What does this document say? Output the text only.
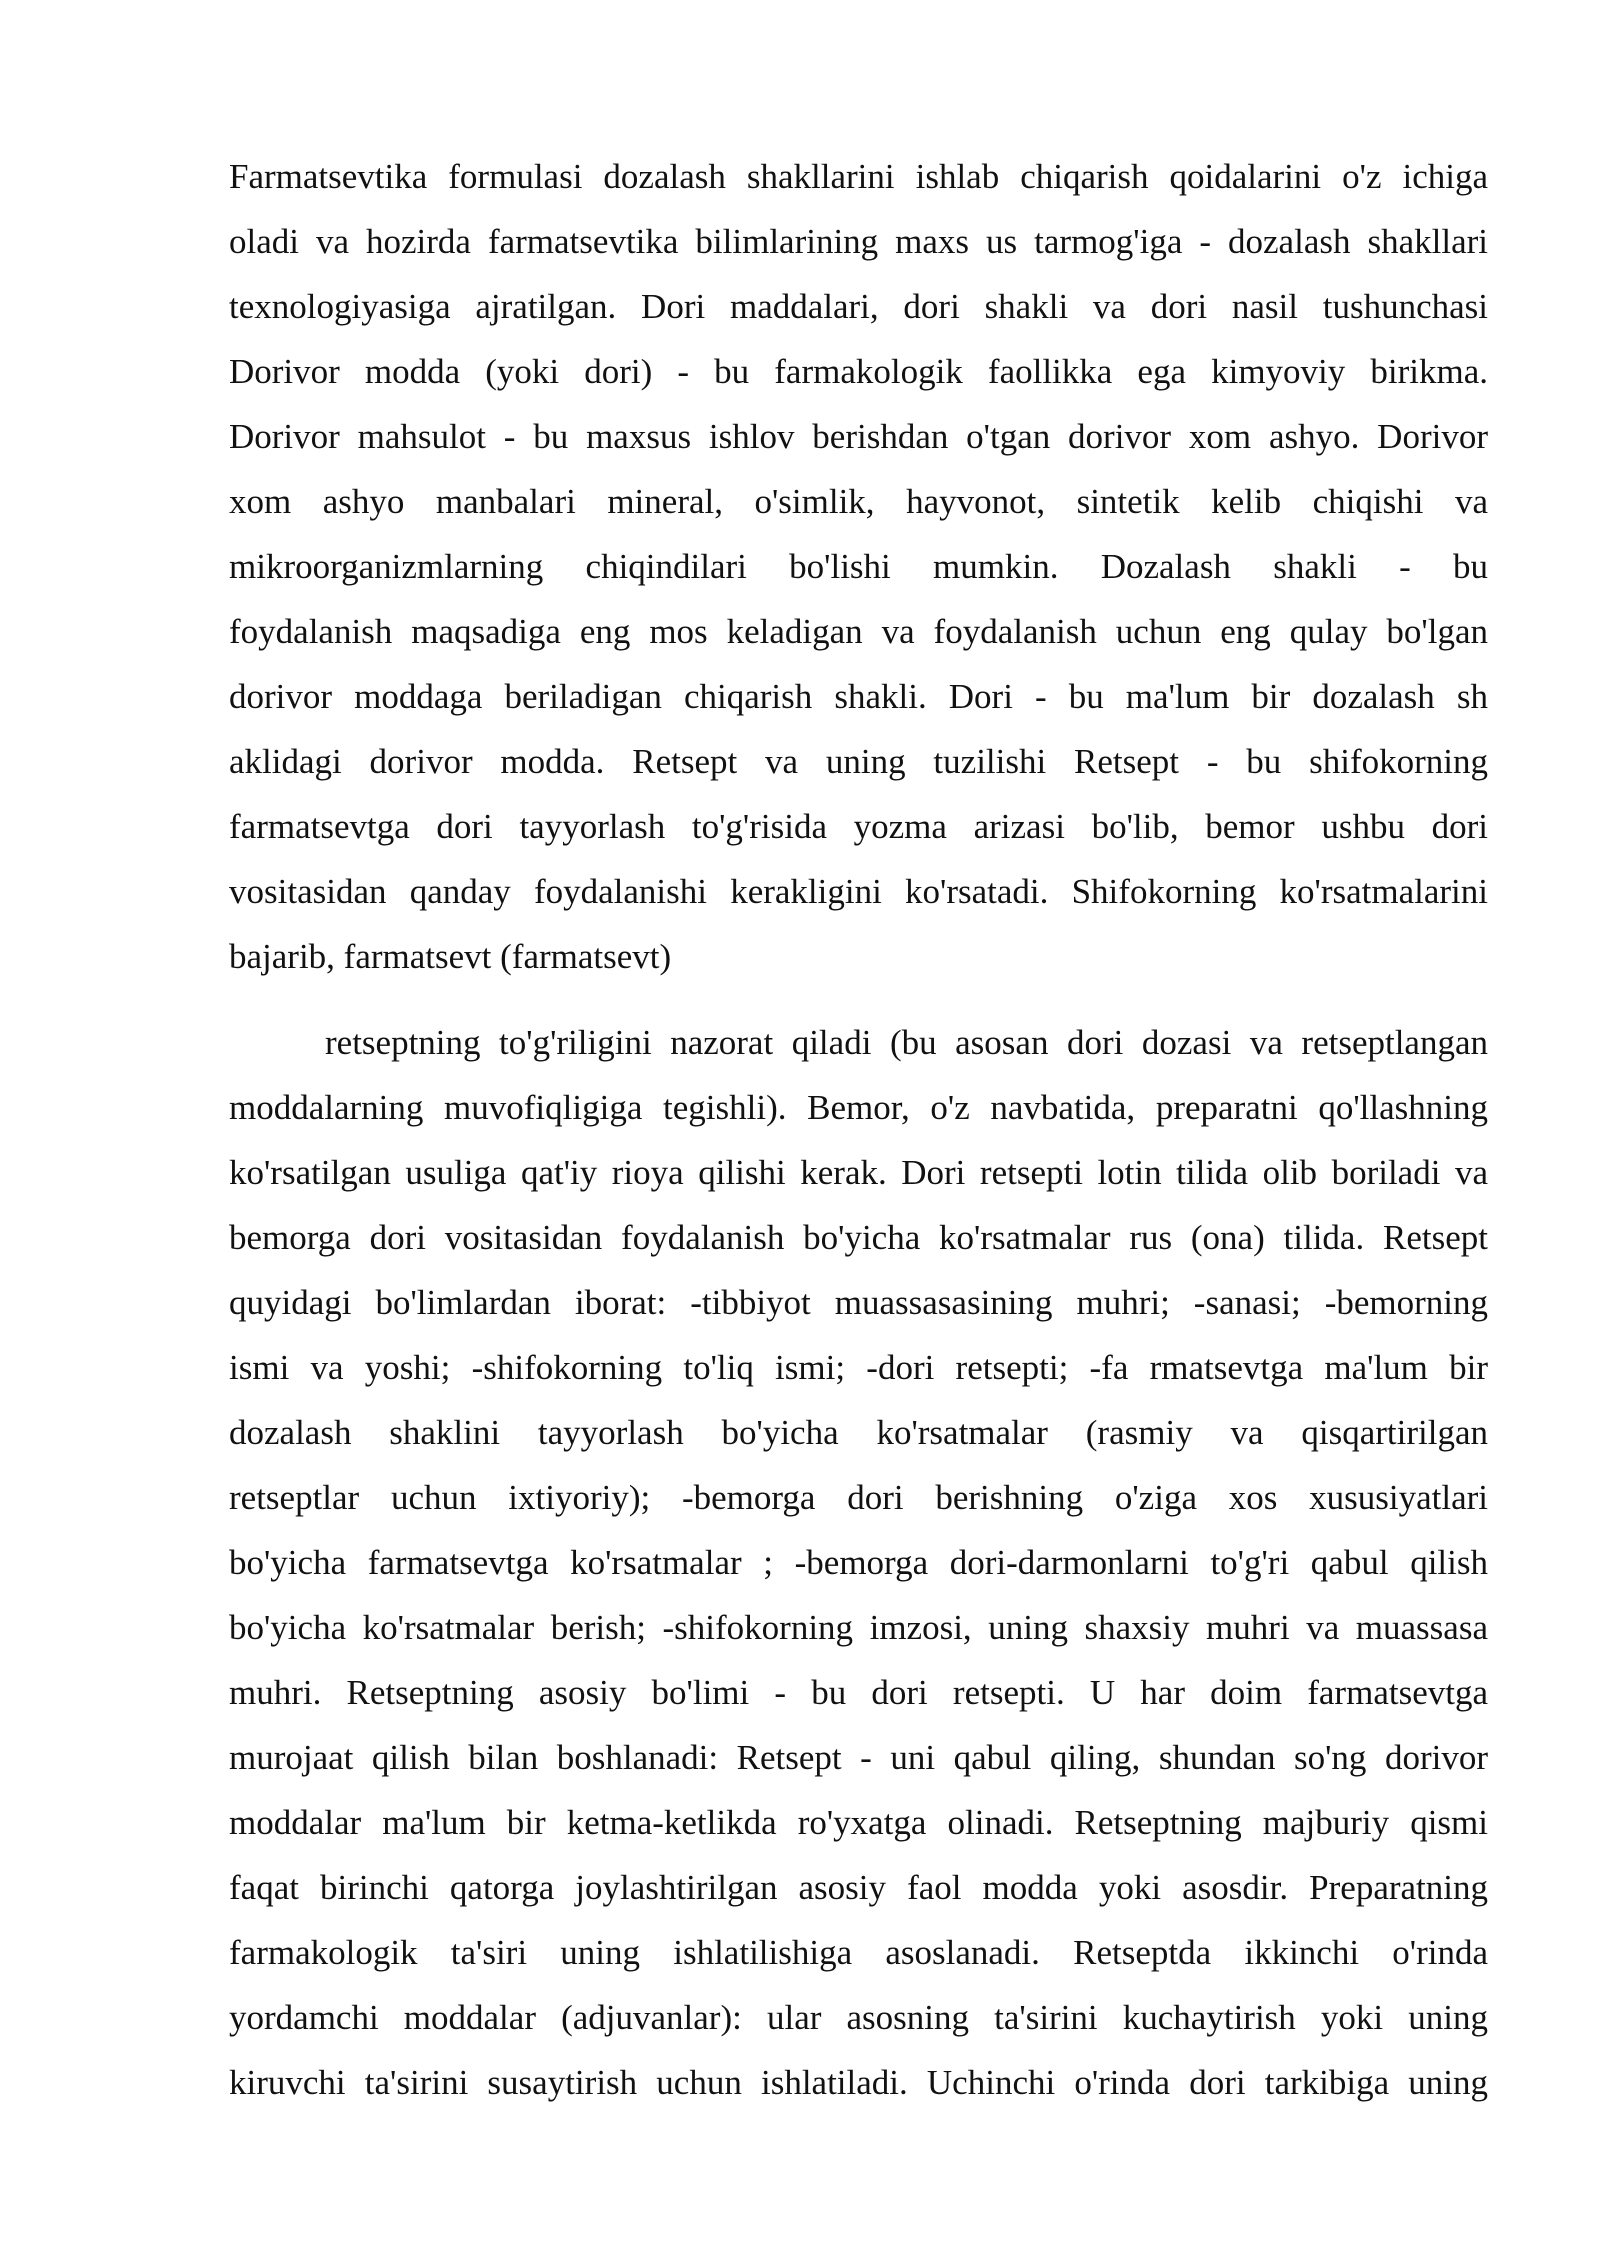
Farmatsevtika formulasi dozalash shakllarini ishlab chiqarish qoidalarini o'z ichiga
oladi va hozirda farmatsevtika bilimlarining maxs us tarmog'iga - dozalash shakllari
texnologiyasiga ajratilgan. Dori maddalari, dori shakli va dori nasil tushunchasi
Dorivor modda (yoki dori) - bu farmakologik faollikka ega kimyoviy birikma.
Dorivor mahsulot - bu maxsus ishlov berishdan o'tgan dorivor xom ashyo. Dorivor
xom ashyo manbalari mineral, o'simlik, hayvonot, sintetik kelib chiqishi va
mikroorganizmlarning chiqindilari bo'lishi mumkin. Dozalash shakli - bu
foydalanish maqsadiga eng mos keladigan va foydalanish uchun eng qulay bo'lgan
dorivor moddaga beriladigan chiqarish shakli. Dori - bu ma'lum bir dozalash sh
aklidagi dorivor modda. Retsept va uning tuzilishi Retsept - bu shifokorning
farmatsevtga dori tayyorlash to'g'risida yozma arizasi bo'lib, bemor ushbu dori
vositasidan qanday foydalanishi kerakligini ko'rsatadi. Shifokorning ko'rsatmalarini
bajarib, farmatsevt (farmatsevt)
retseptning to'g'riligini nazorat qiladi (bu asosan dori dozasi va retseptlangan
moddalarning muvofiqligiga tegishli). Bemor, o'z navbatida, preparatni qo'llashning
ko'rsatilgan usuliga qat'iy rioya qilishi kerak. Dori retsepti lotin tilida olib boriladi va
bemorga dori vositasidan foydalanish bo'yicha ko'rsatmalar rus (ona) tilida. Retsept
quyidagi bo'limlardan iborat: -tibbiyot muassasasining muhri; -sanasi; -bemorning
ismi va yoshi; -shifokorning to'liq ismi; -dori retsepti; -fa rmatsevtga ma'lum bir
dozalash shaklini tayyorlash bo'yicha ko'rsatmalar (rasmiy va qisqartirilgan
retseptlar uchun ixtiyoriy); -bemorga dori berishning o'ziga xos xususiyatlari
bo'yicha farmatsevtga ko'rsatmalar ; -bemorga dori-darmonlarni to'g'ri qabul qilish
bo'yicha ko'rsatmalar berish; -shifokorning imzosi, uning shaxsiy muhri va muassasa
muhri. Retseptning asosiy bo'limi - bu dori retsepti. U har doim farmatsevtga
murojaat qilish bilan boshlanadi: Retsept - uni qabul qiling, shundan so'ng dorivor
moddalar ma'lum bir ketma-ketlikda ro'yxatga olinadi. Retseptning majburiy qismi
faqat birinchi qatorga joylashtirilgan asosiy faol modda yoki asosdir. Preparatning
farmakologik ta'siri uning ishlatilishiga asoslanadi. Retseptda ikkinchi o'rinda
yordamchi moddalar (adjuvanlar): ular asosning ta'sirini kuchaytirish yoki uning
kiruvchi ta'sirini susaytirish uchun ishlatiladi. Uchinchi o'rinda dori tarkibiga uning
